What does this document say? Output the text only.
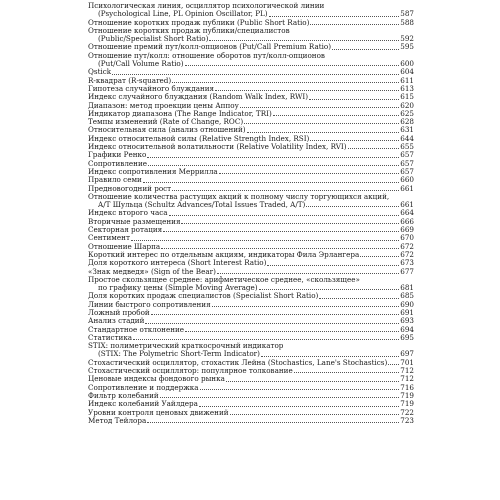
Психологическая линия, осциллятор психологической линии
(Psychological Line, PL Opinion Oscillator, PL)	587
Отношение коротких продаж публики (Public Short Ratio)	588
Отношение коротких продаж публики/специалистов
(Public/Specialist Short Ratio)	592
Отношение премий пут/колл-опционов (Put/Call Premium Ratio)	595
Отношение пут/колл: отношение оборотов пут/колл-опционов
(Put/Call Volume Ratio)	600
Qstick	604
R-квадрат (R-squared)	611
Гипотеза случайного блуждания	613
Индекс случайного блуждания (Random Walk Index, RWI)	615
Диапазон: метод проекции цены Аппоу	620
Индикатор диапазона (The Range Indicator, TRI)	625
Темпы изменений (Rate of Change, ROC)	628
Относительная сила (анализ отношений)	631
Индекс относительной силы (Relative Strength Index, RSI)	644
Индекс относительной волатильности (Relative Volatility Index, RVI)	655
Графики Ренко	657
Сопротивление	657
Индекс сопротивления Меррилла	657
Правило семи	660
Предновогодний рост	661
Отношение количества растущих акций к полному числу торгующихся акций,
A/T Шульца (Schultz Advances/Total Issues Traded, A/T)	661
Индекс второго часа	664
Вторичные размещения	666
Секторная ротация	669
Сентимент	670
Отношение Шарпа	672
Короткий интерес по отдельным акциям, индикаторы Фила Эрлангера	672
Доля короткого интереса (Short Interest Ratio)	673
«Знак медведя» (Sign of the Bear)	677
Простое скользящее среднее: арифметическое среднее, «скользящее»
по графику цены (Simple Moving Average)	681
Доля коротких продаж специалистов (Specialist Short Ratio)	685
Линии быстрого сопротивления	690
Ложный пробой	691
Анализ стадий	693
Стандартное отклонение	694
Статистика	695
STIX: полиметрический краткосрочный индикатор
(STIX: The Polymetric Short-Term Indicator)	697
Стохастический осциллятор, стохастик Лейна (Stochastics, Lane's Stochastics) 701
Стохастический осциллятор: популярное толкование	712
Ценовые индексы фондового рынка	712
Сопротивление и поддержка	716
Фильтр колебаний	719
Индекс колебаний Уайлдера	719
Уровни контроля ценовых движений	722
Метод Тейлора	723
